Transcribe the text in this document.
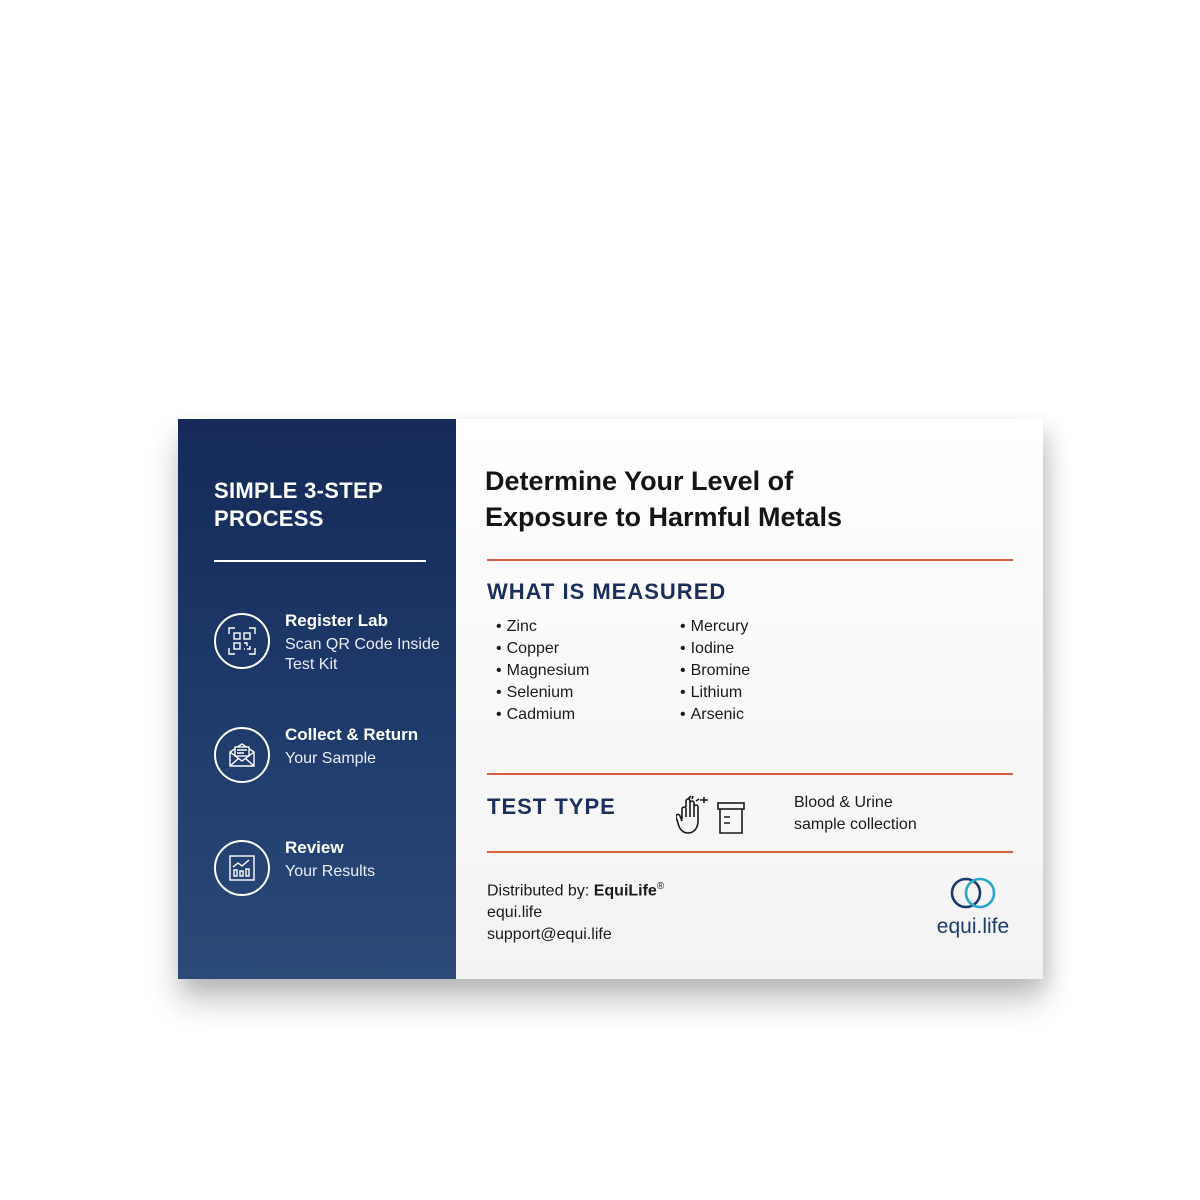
SIMPLE 3-STEP PROCESS
Register Lab
Scan QR Code Inside Test Kit
Collect & Return
Your Sample
Review
Your Results
Determine Your Level of
Exposure to Harmful Metals
WHAT IS MEASURED
• Zinc
• Copper
• Magnesium
• Selenium
• Cadmium
• Mercury
• Iodine
• Bromine
• Lithium
• Arsenic
TEST TYPE	Blood & Urine
sample collection
Distributed by: EquiLife®
equi.life
support@equi.life	equi.life
